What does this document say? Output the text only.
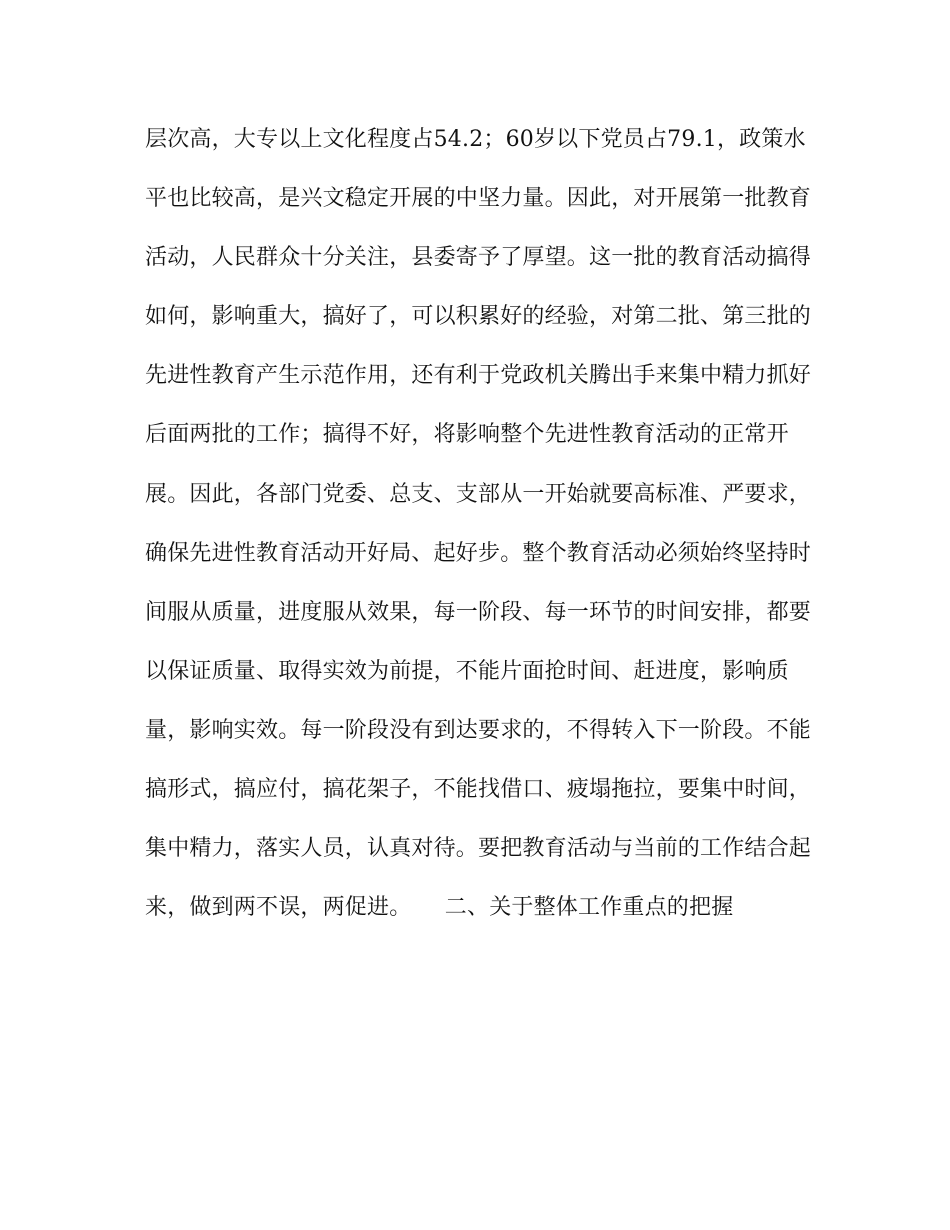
层次高，大专以上文化程度占54.2；60岁以下党员占79.1，政策水
平也比较高，是兴文稳定开展的中坚力量。因此，对开展第一批教育
活动，人民群众十分关注，县委寄予了厚望。这一批的教育活动搞得
如何，影响重大，搞好了，可以积累好的经验，对第二批、第三批的
先进性教育产生示范作用，还有利于党政机关腾出手来集中精力抓好
后面两批的工作；搞得不好，将影响整个先进性教育活动的正常开
展。因此，各部门党委、总支、支部从一开始就要高标准、严要求，
确保先进性教育活动开好局、起好步。整个教育活动必须始终坚持时
间服从质量，进度服从效果，每一阶段、每一环节的时间安排，都要
以保证质量、取得实效为前提，不能片面抢时间、赶进度，影响质
量，影响实效。每一阶段没有到达要求的，不得转入下一阶段。不能
搞形式，搞应付，搞花架子，不能找借口、疲塌拖拉，要集中时间，
集中精力，落实人员，认真对待。要把教育活动与当前的工作结合起
来，做到两不误，两促进。　　二、关于整体工作重点的把握
